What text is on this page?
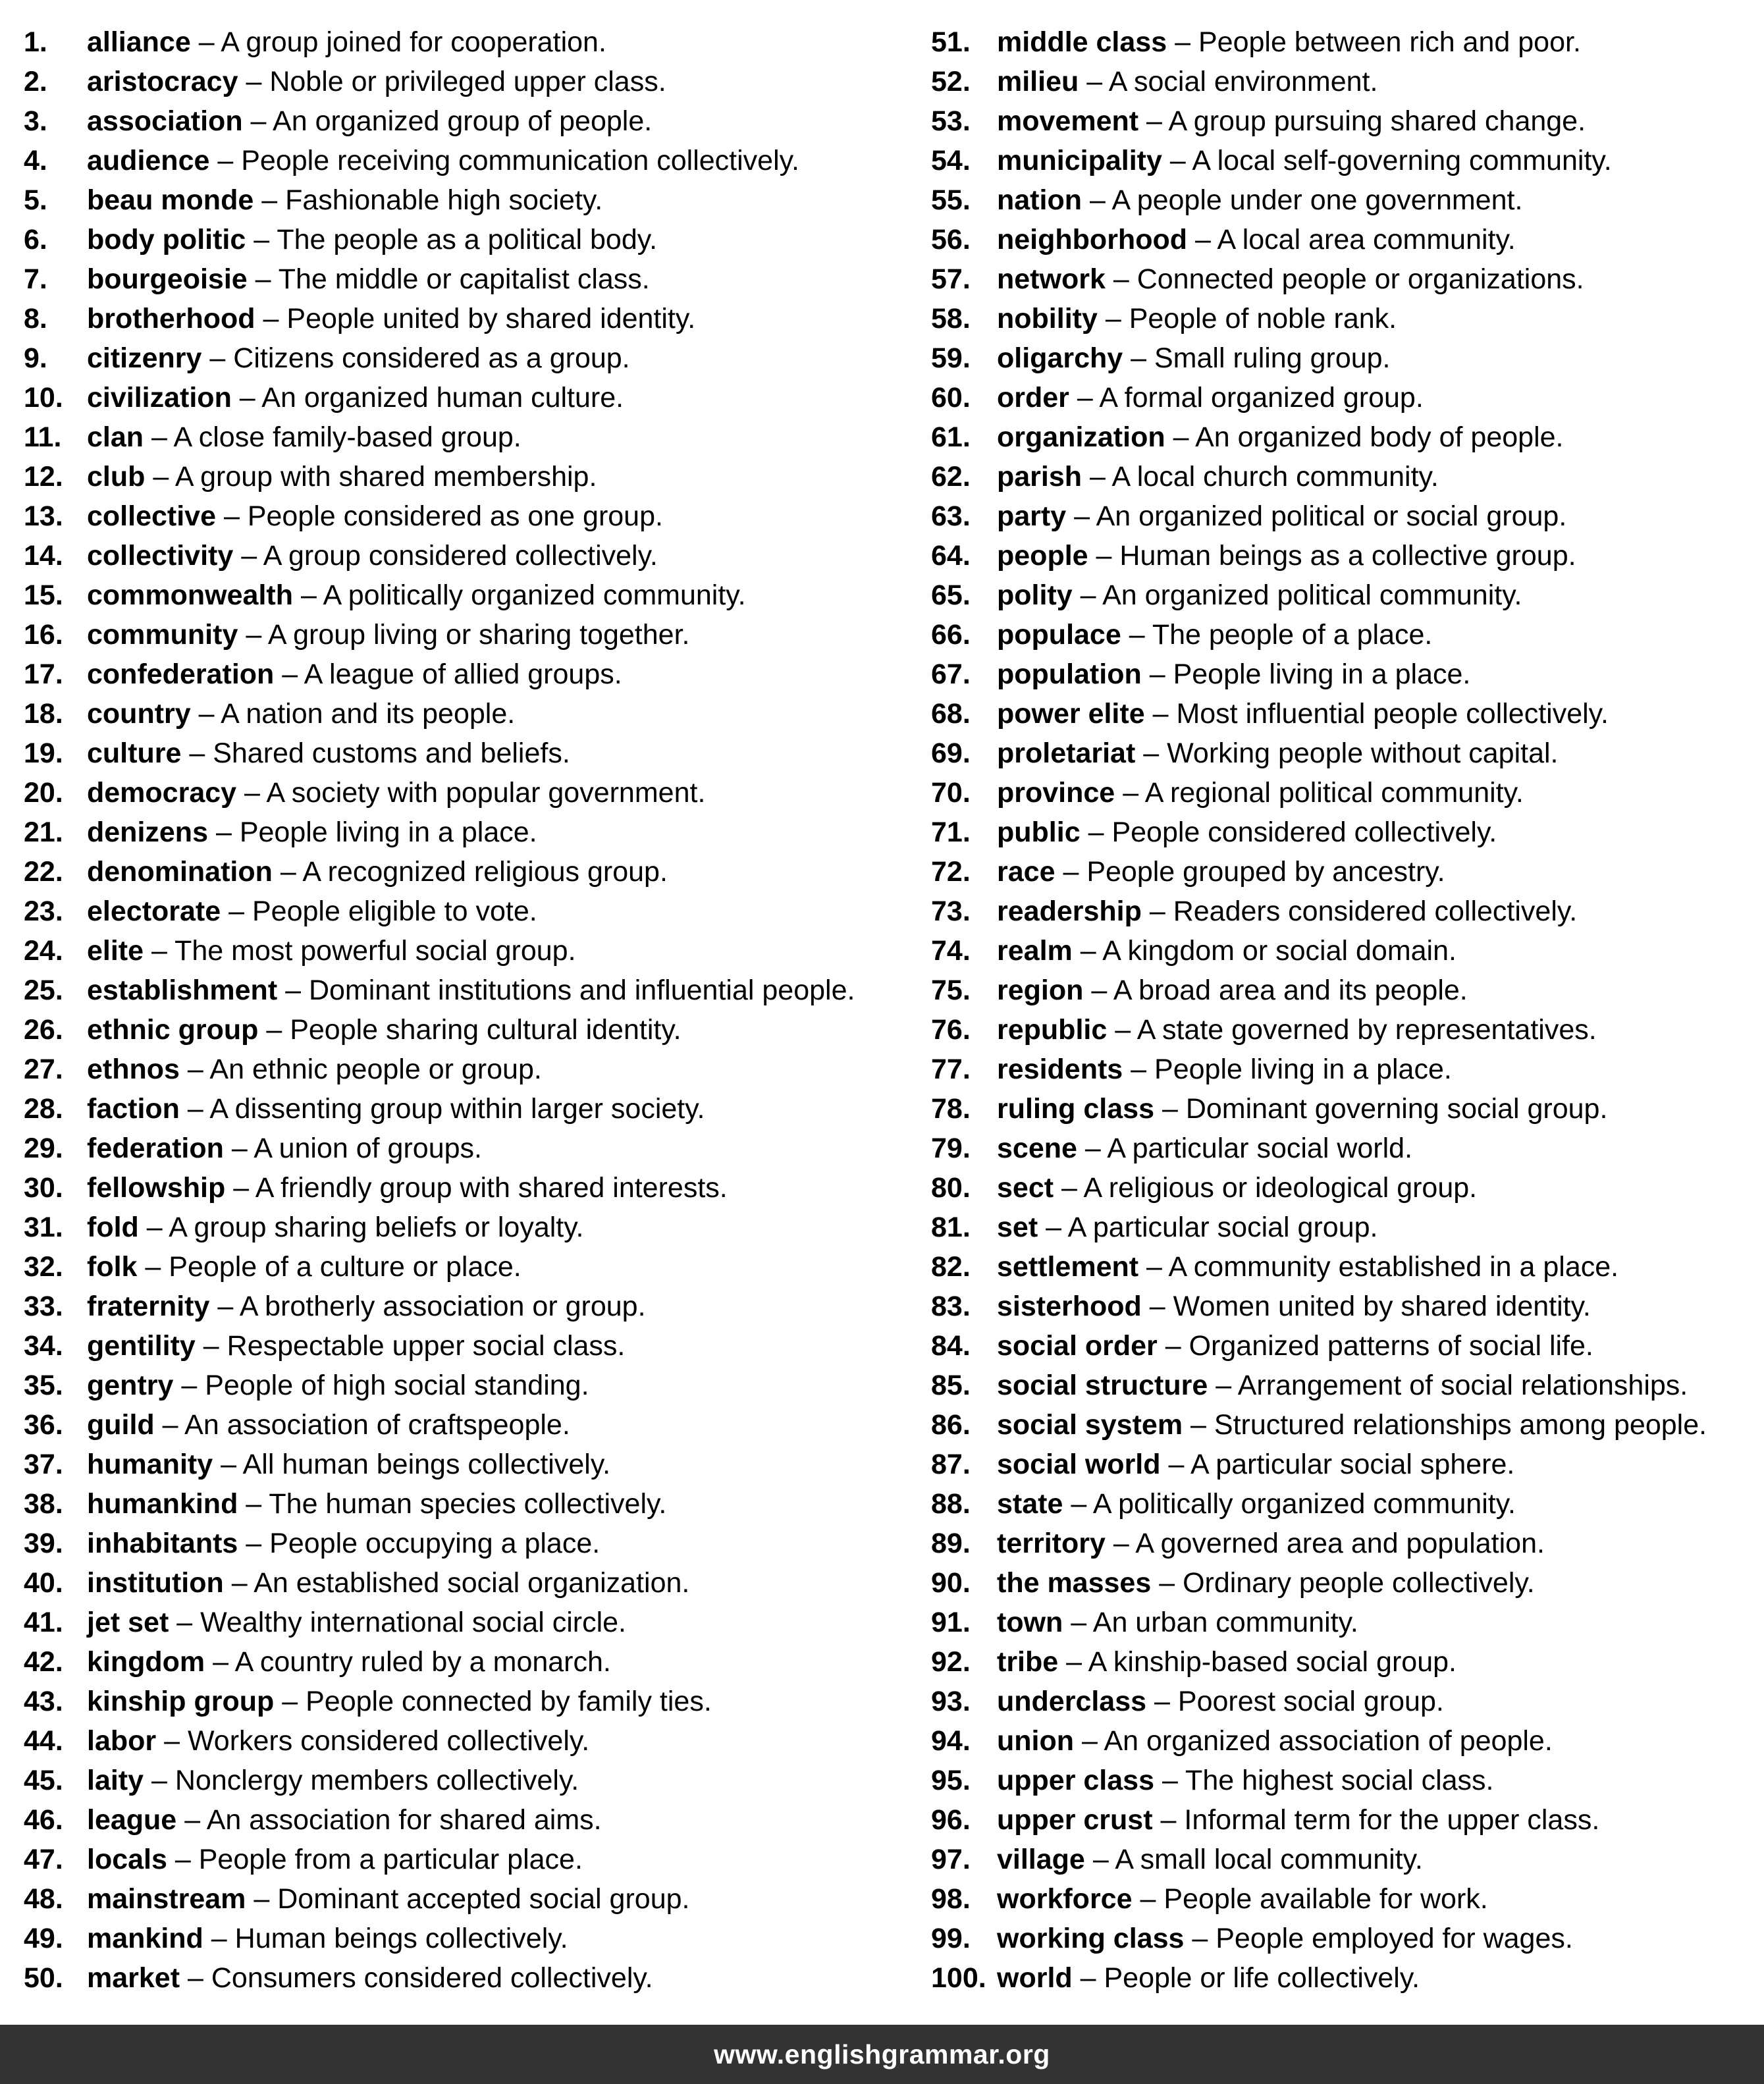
1. alliance – A group joined for cooperation.
2. aristocracy – Noble or privileged upper class.
3. association – An organized group of people.
4. audience – People receiving communication collectively.
5. beau monde – Fashionable high society.
6. body politic – The people as a political body.
7. bourgeoisie – The middle or capitalist class.
8. brotherhood – People united by shared identity.
9. citizenry – Citizens considered as a group.
10. civilization – An organized human culture.
11. clan – A close family-based group.
12. club – A group with shared membership.
13. collective – People considered as one group.
14. collectivity – A group considered collectively.
15. commonwealth – A politically organized community.
16. community – A group living or sharing together.
17. confederation – A league of allied groups.
18. country – A nation and its people.
19. culture – Shared customs and beliefs.
20. democracy – A society with popular government.
21. denizens – People living in a place.
22. denomination – A recognized religious group.
23. electorate – People eligible to vote.
24. elite – The most powerful social group.
25. establishment – Dominant institutions and influential people.
26. ethnic group – People sharing cultural identity.
27. ethnos – An ethnic people or group.
28. faction – A dissenting group within larger society.
29. federation – A union of groups.
30. fellowship – A friendly group with shared interests.
31. fold – A group sharing beliefs or loyalty.
32. folk – People of a culture or place.
33. fraternity – A brotherly association or group.
34. gentility – Respectable upper social class.
35. gentry – People of high social standing.
36. guild – An association of craftspeople.
37. humanity – All human beings collectively.
38. humankind – The human species collectively.
39. inhabitants – People occupying a place.
40. institution – An established social organization.
41. jet set – Wealthy international social circle.
42. kingdom – A country ruled by a monarch.
43. kinship group – People connected by family ties.
44. labor – Workers considered collectively.
45. laity – Nonclergy members collectively.
46. league – An association for shared aims.
47. locals – People from a particular place.
48. mainstream – Dominant accepted social group.
49. mankind – Human beings collectively.
50. market – Consumers considered collectively.
51. middle class – People between rich and poor.
52. milieu – A social environment.
53. movement – A group pursuing shared change.
54. municipality – A local self-governing community.
55. nation – A people under one government.
56. neighborhood – A local area community.
57. network – Connected people or organizations.
58. nobility – People of noble rank.
59. oligarchy – Small ruling group.
60. order – A formal organized group.
61. organization – An organized body of people.
62. parish – A local church community.
63. party – An organized political or social group.
64. people – Human beings as a collective group.
65. polity – An organized political community.
66. populace – The people of a place.
67. population – People living in a place.
68. power elite – Most influential people collectively.
69. proletariat – Working people without capital.
70. province – A regional political community.
71. public – People considered collectively.
72. race – People grouped by ancestry.
73. readership – Readers considered collectively.
74. realm – A kingdom or social domain.
75. region – A broad area and its people.
76. republic – A state governed by representatives.
77. residents – People living in a place.
78. ruling class – Dominant governing social group.
79. scene – A particular social world.
80. sect – A religious or ideological group.
81. set – A particular social group.
82. settlement – A community established in a place.
83. sisterhood – Women united by shared identity.
84. social order – Organized patterns of social life.
85. social structure – Arrangement of social relationships.
86. social system – Structured relationships among people.
87. social world – A particular social sphere.
88. state – A politically organized community.
89. territory – A governed area and population.
90. the masses – Ordinary people collectively.
91. town – An urban community.
92. tribe – A kinship-based social group.
93. underclass – Poorest social group.
94. union – An organized association of people.
95. upper class – The highest social class.
96. upper crust – Informal term for the upper class.
97. village – A small local community.
98. workforce – People available for work.
99. working class – People employed for wages.
100. world – People or life collectively.
www.englishgrammar.org
